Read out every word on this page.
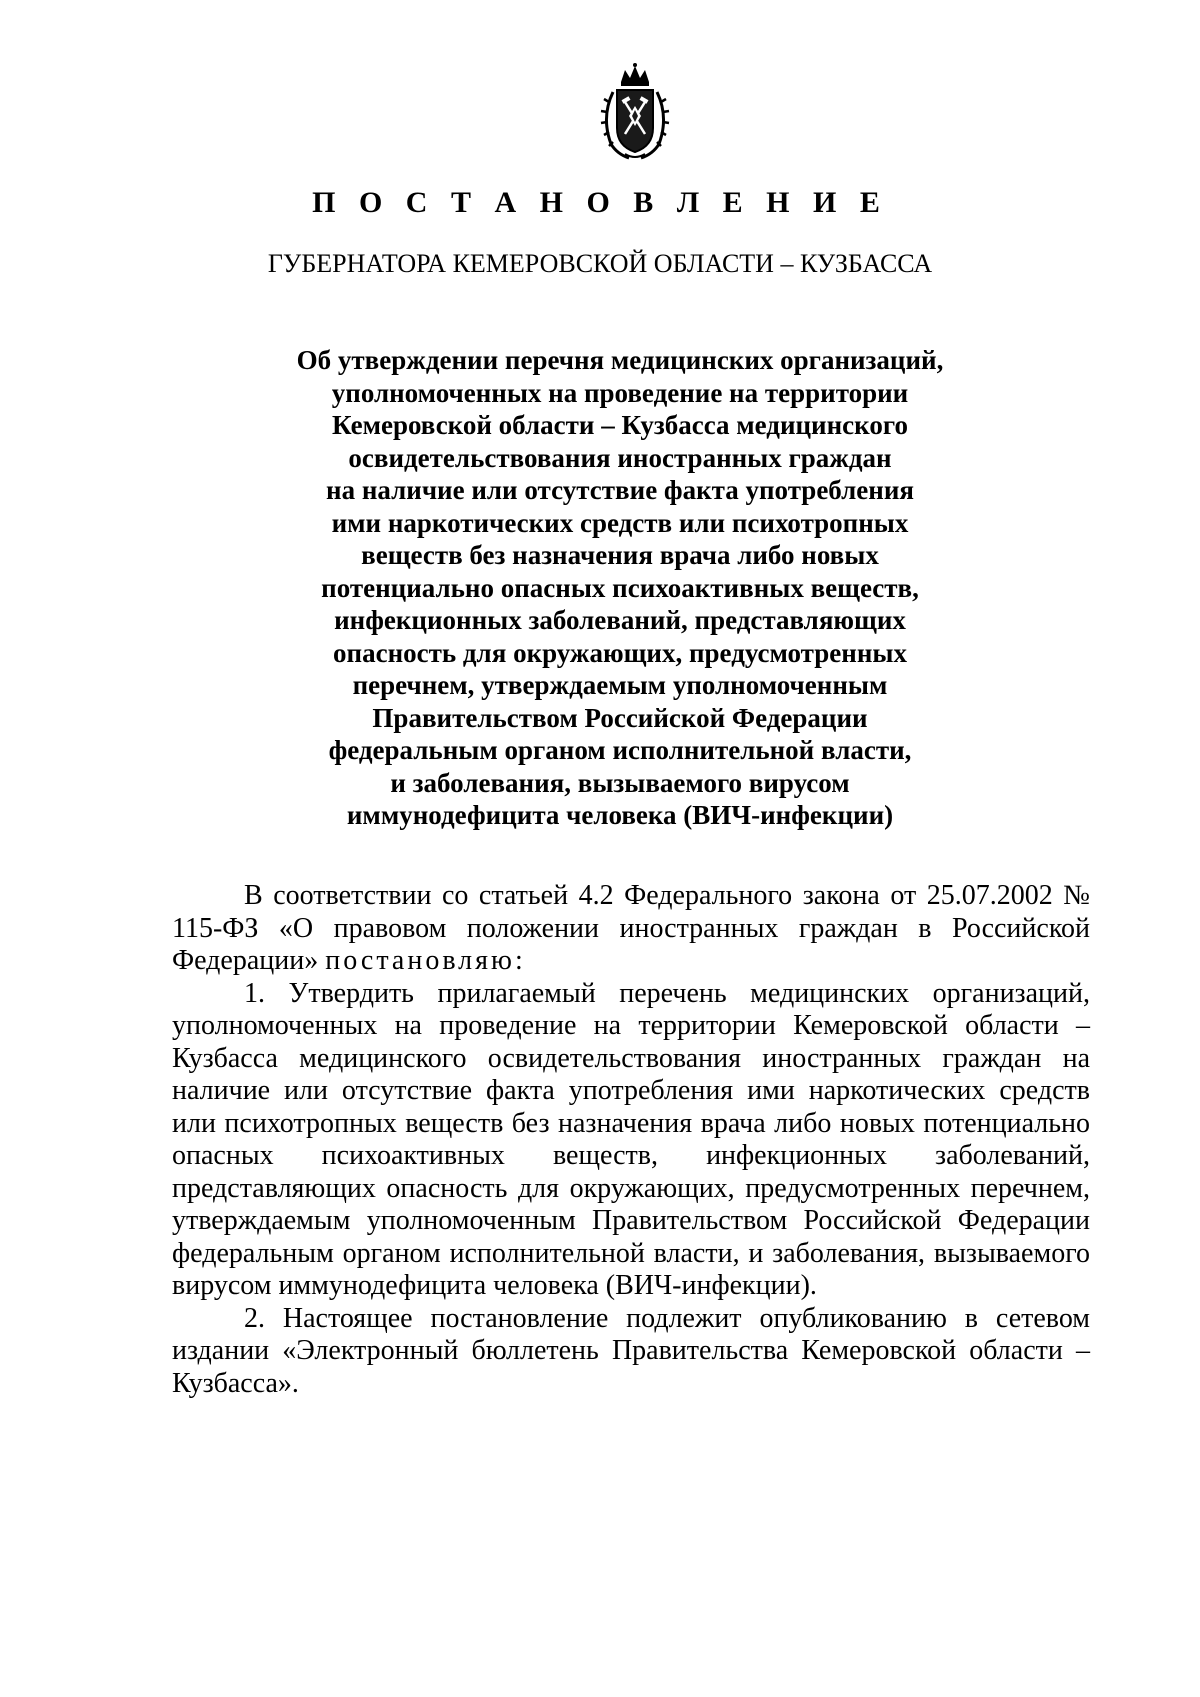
П О С Т А Н О В Л Е Н И Е
ГУБЕРНАТОРА КЕМЕРОВСКОЙ ОБЛАСТИ – КУЗБАССА
Об утверждении перечня медицинских организаций,
уполномоченных на проведение на территории
Кемеровской области – Кузбасса медицинского
освидетельствования иностранных граждан
на наличие или отсутствие факта употребления
ими наркотических средств или психотропных
веществ без назначения врача либо новых
потенциально опасных психоактивных веществ,
инфекционных заболеваний, представляющих
опасность для окружающих, предусмотренных
перечнем, утверждаемым уполномоченным
Правительством Российской Федерации
федеральным органом исполнительной власти,
и заболевания, вызываемого вирусом
иммунодефицита человека (ВИЧ-инфекции)

В соответствии со статьей 4.2 Федерального закона от 25.07.2002 № 115-ФЗ «О правовом положении иностранных граждан в Российской Федерации» постановляю:

1. Утвердить прилагаемый перечень медицинских организаций, уполномоченных на проведение на территории Кемеровской области – Кузбасса медицинского освидетельствования иностранных граждан на наличие или отсутствие факта употребления ими наркотических средств или психотропных веществ без назначения врача либо новых потенциально опасных психоактивных веществ, инфекционных заболеваний, представляющих опасность для окружающих, предусмотренных перечнем, утверждаемым уполномоченным Правительством Российской Федерации федеральным органом исполнительной власти, и заболевания, вызываемого вирусом иммунодефицита человека (ВИЧ-инфекции).

2. Настоящее постановление подлежит опубликованию в сетевом издании «Электронный бюллетень Правительства Кемеровской области – Кузбасса».
